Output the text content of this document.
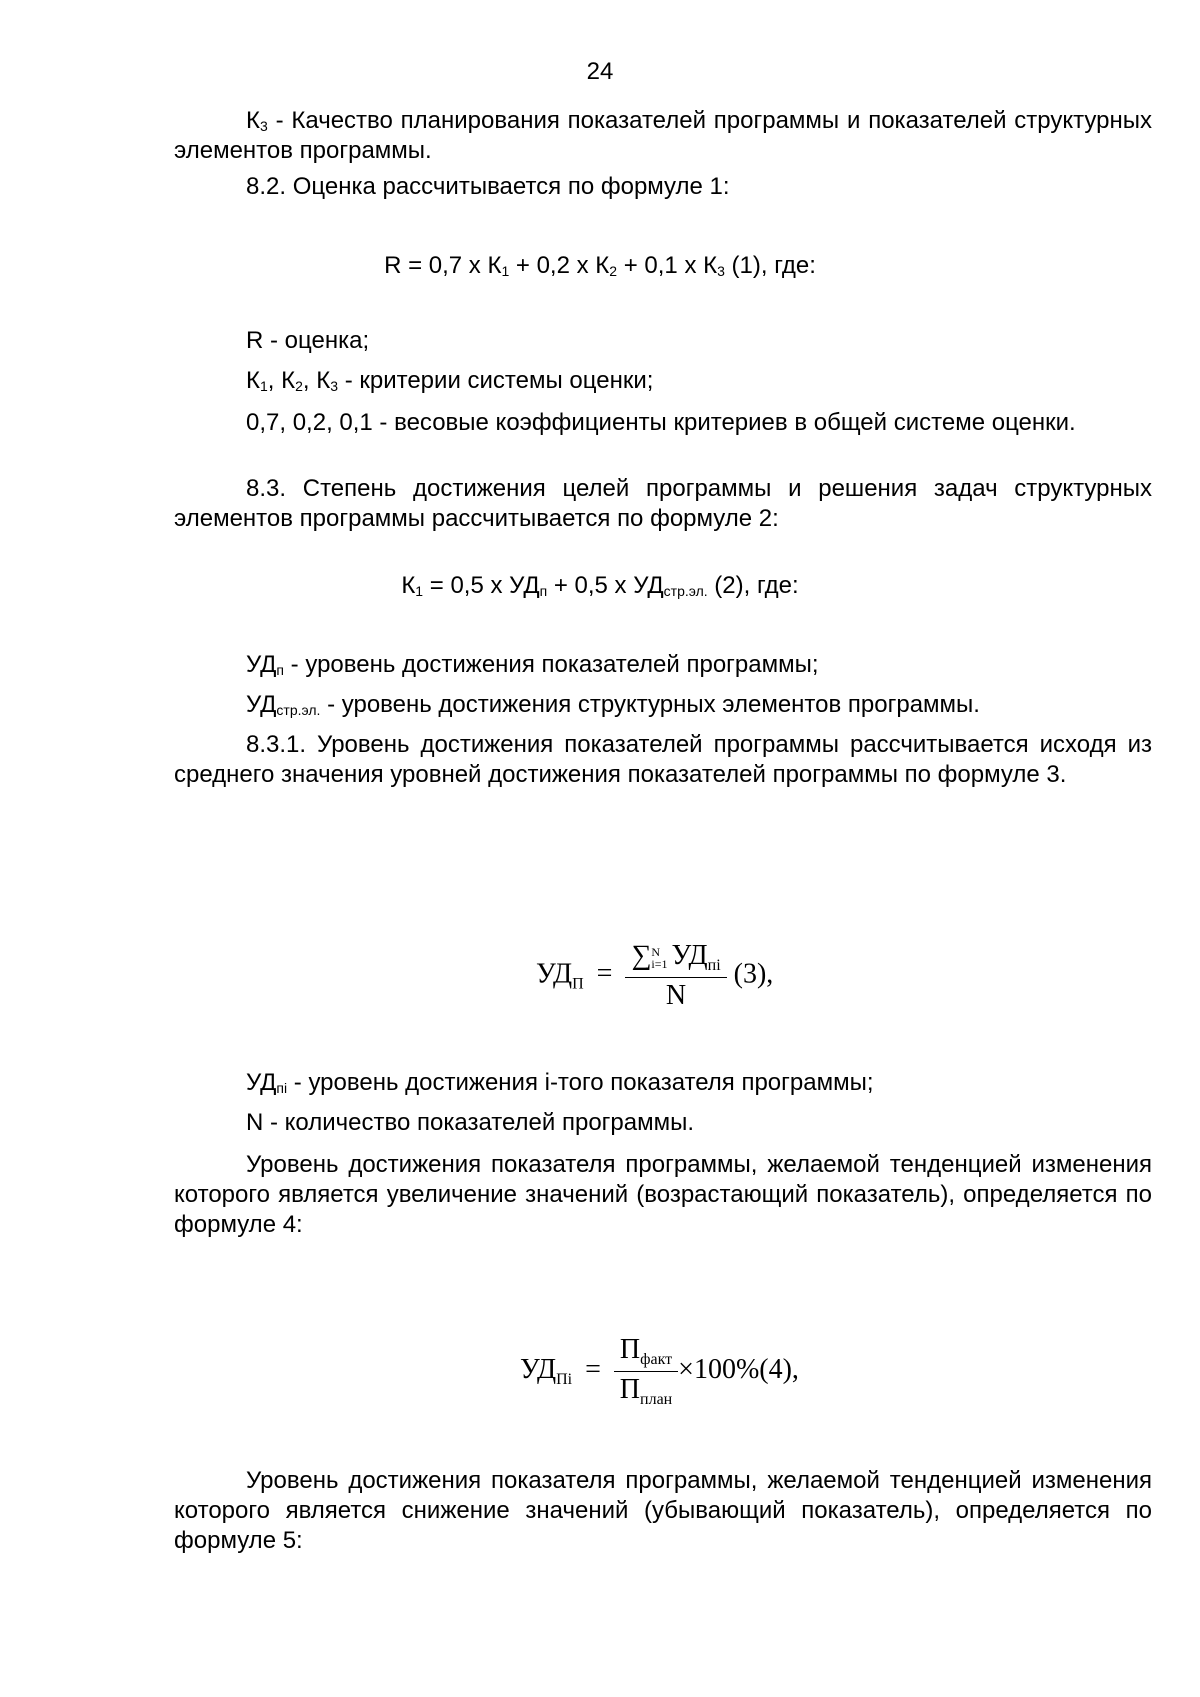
24

$К_3$ - Качество планирования показателей программы и показателей структурных элементов программы.

8.2. Оценка рассчитывается по формуле 1:

R = 0,7 х $К_1 + 0,2$ х $К_2 + 0,1$ х $К_3$ (1), где:

R - оценка;

$К_1$, $К_2$, $К_3$ - критерии системы оценки;

0,7, 0,2, 0,1 - весовые коэффициенты критериев в общей системе оценки.

8.3. Степень достижения целей программы и решения задач структурных элементов программы рассчитывается по формуле 2:

$К_1 = 0,5$ х $УД_п + 0,5$ х $УД_{стр.эл.}$ (2), где:

$УД_п$ - уровень достижения показателей программы;

$УД_{стр.эл.}$ - уровень достижения структурных элементов программы.

8.3.1. Уровень достижения показателей программы рассчитывается исходя из среднего значения уровней достижения показателей программы по формуле 3.

$УД_П$ = ∑ N
i=1 $УД_{пi}$
N (3),

$УД_{пi}$ - уровень достижения i-того показателя программы;

N - количество показателей программы.

Уровень достижения показателя программы, желаемой тенденцией изменения которого является увеличение значений (возрастающий показатель), определяется по формуле 4:

$УД_{Пi} = \frac{П_{факт}}{П_{план}} \times 100\%(4)$,

Уровень достижения показателя программы, желаемой тенденцией изменения которого является снижение значений (убывающий показатель), определяется по формуле 5:
